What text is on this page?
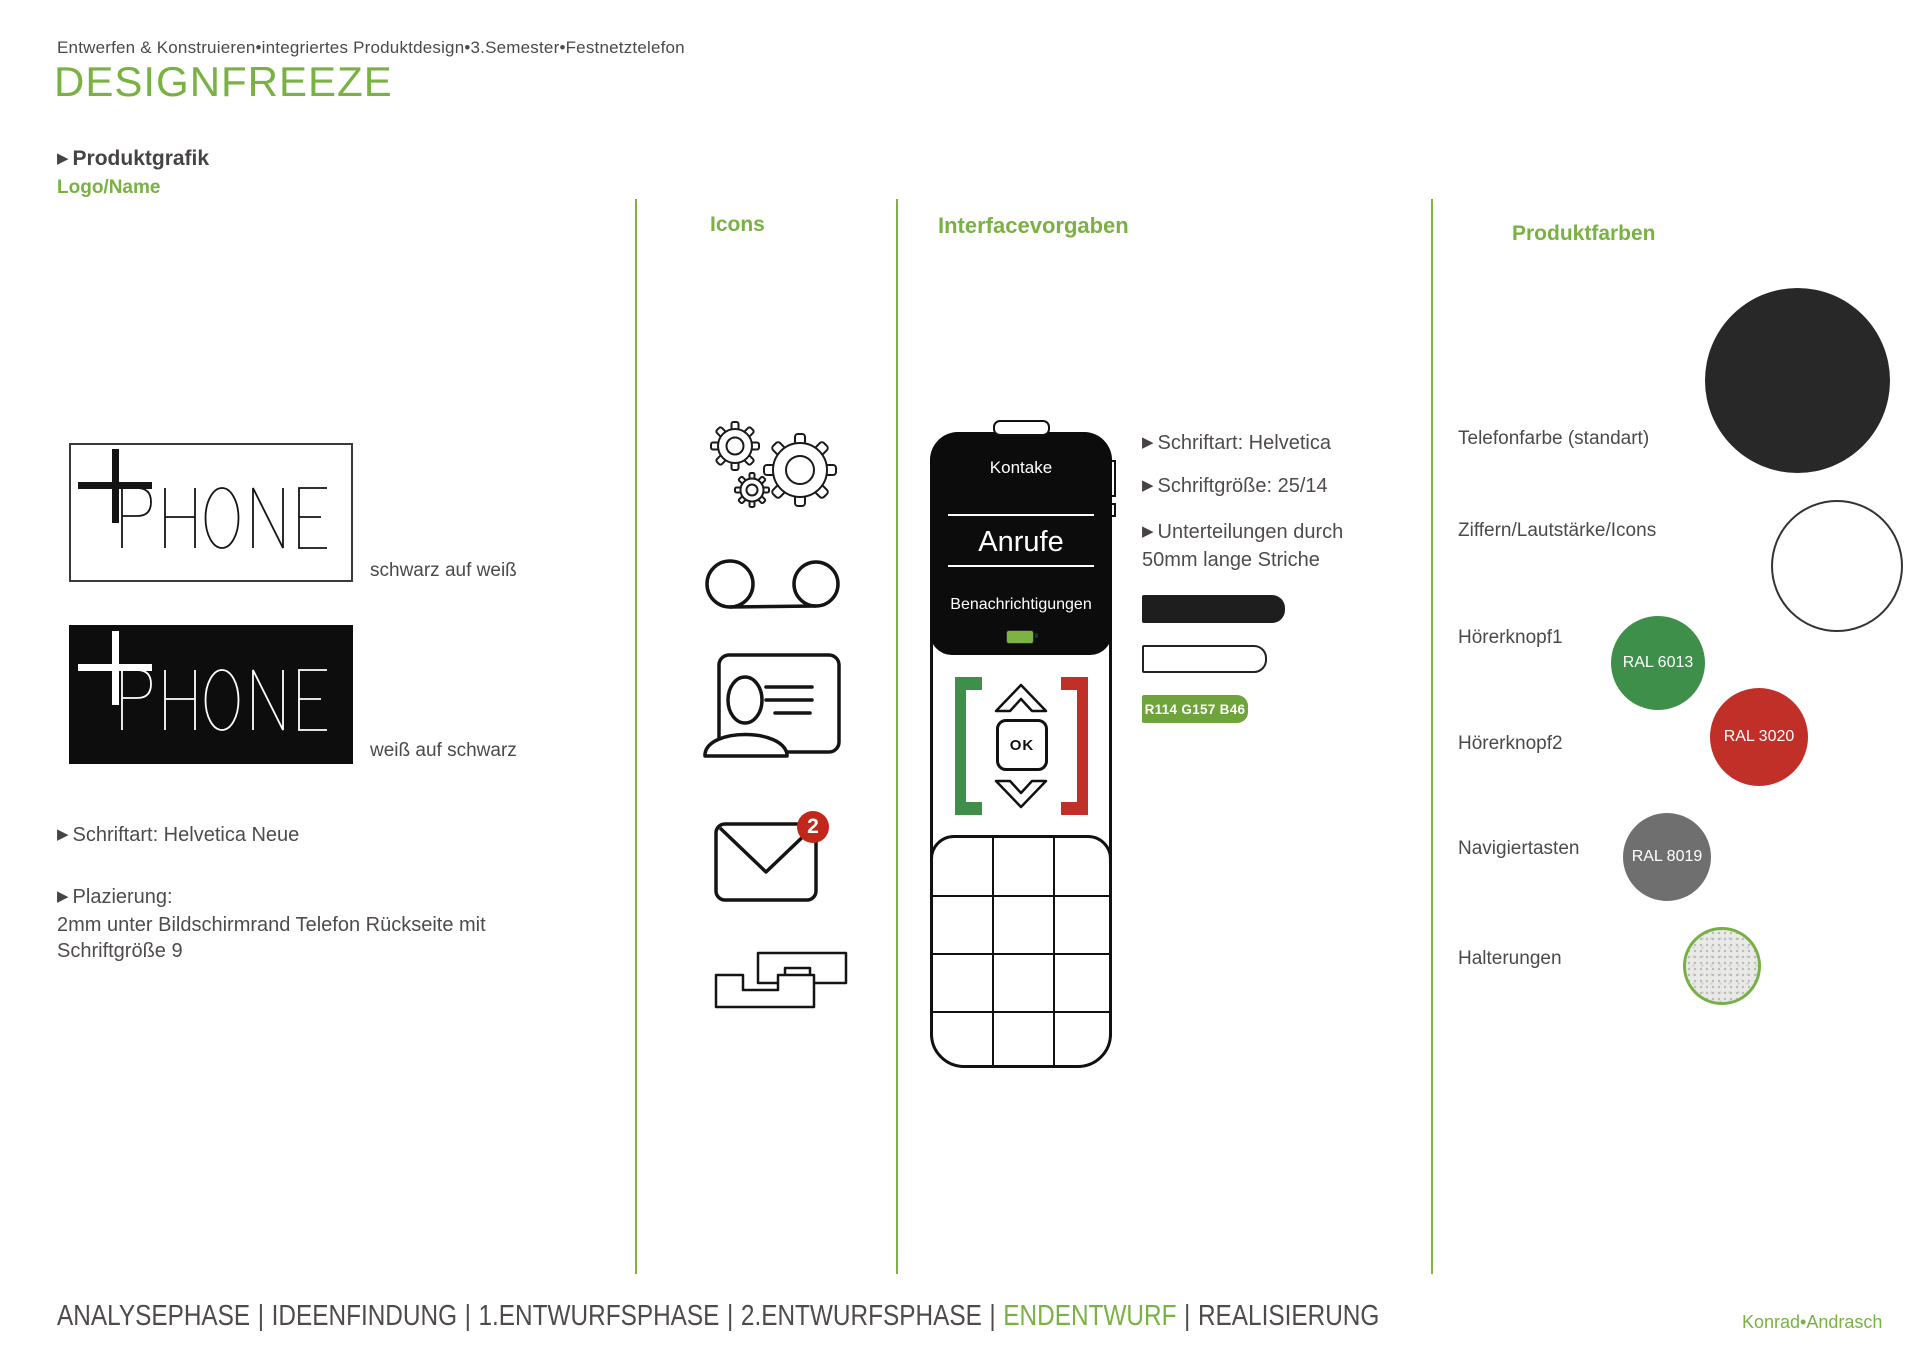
Entwerfen & Konstruieren•integriertes Produktdesign•3.Semester•Festnetztelefon
DESIGNFREEZE
▶ Produktgrafik
Logo/Name
schwarz auf weiß
weiß auf schwarz
▶ Schriftart: Helvetica Neue
▶ Plazierung:
2mm unter Bildschirmrand Telefon Rückseite mit
Schriftgröße 9
Icons
2
Interfacevorgaben
Kontake
Anrufe
Benachrichtigungen
OK
▶ Schriftart: Helvetica
▶ Schriftgröße: 25/14
▶ Unterteilungen durch 50mm lange Striche
R114 G157 B46
Produktfarben
Telefonfarbe (standart)
Ziffern/Lautstärke/Icons
Hörerknopf1
RAL 6013
Hörerknopf2	RAL 3020
Navigiertasten	RAL 8019
Halterungen
ANALYSEPHASE | IDEENFINDUNG | 1.ENTWURFSPHASE | 2.ENTWURFSPHASE | ENDENTWURF | REALISIERUNG	Konrad•Andrasch
